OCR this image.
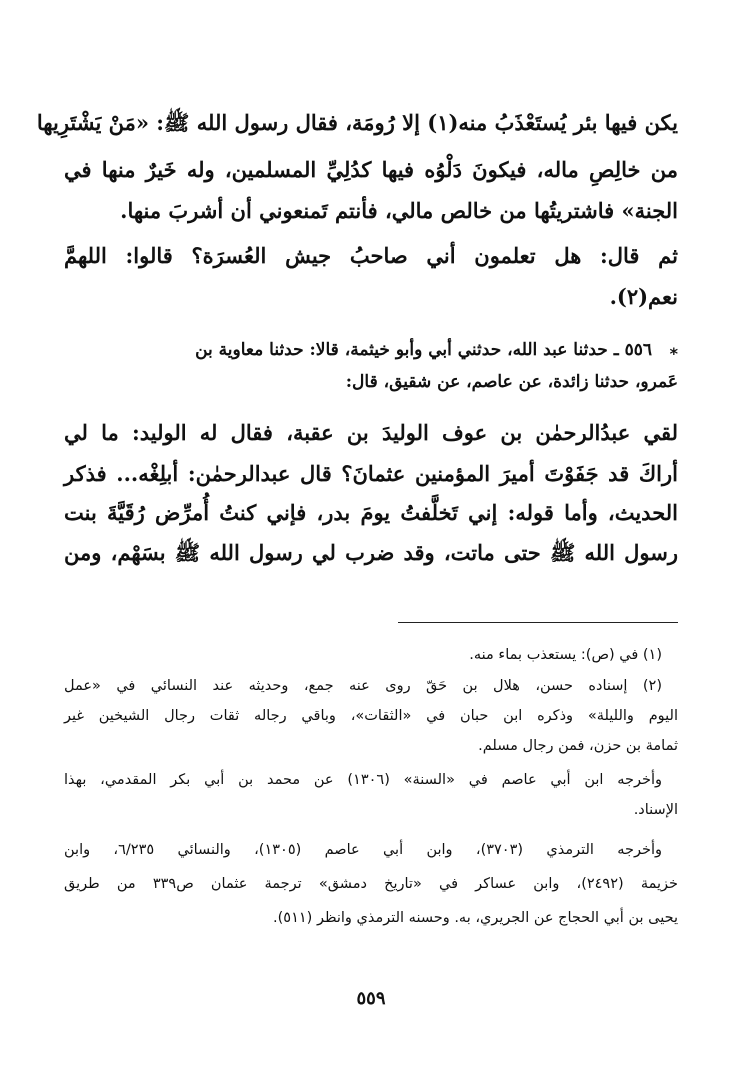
يكن فيها بئر يُستَعْذَبُ منه(١) إلا رُومَة، فقال رسول الله ﷺ: «مَنْ يَشْتَرِيها
من خالِصِ ماله، فيكونَ دَلْوُه فيها كدُلِيِّ المسلمين، وله خَيرٌ منها في
الجنة» فاشتريتُها من خالص مالي، فأنتم تَمنعوني أن أشربَ منها.
ثم قال: هل تعلمون أني صاحبُ جيش العُسرَة؟ قالوا: اللهمَّ
نعم(٢).
*
٥٥٦ ـ حدثنا عبد الله، حدثني أبي وأبو خيثمة، قالا: حدثنا معاوية بن
عَمرو، حدثنا زائدة، عن عاصم، عن شقيق، قال:
لقي عبدُالرحمٰن بن عوف الوليدَ بن عقبة، فقال له الوليد: ما لي
أراكَ قد جَفَوْتَ أميرَ المؤمنين عثمانَ؟ قال عبدالرحمٰن: أبلِغْه... فذكر
الحديث، وأما قوله: إني تَخلَّفتُ يومَ بدر، فإني كنتُ أُمرِّض رُقَيَّةَ بنت
رسول الله ﷺ حتى ماتت، وقد ضرب لي رسول الله ﷺ بسَهْم، ومن
(١) في (ص): يستعذب بماء منه.
(٢) إسناده حسن، هلال بن حَقّ روى عنه جمع، وحديثه عند النسائي في «عمل
اليوم والليلة» وذكره ابن حبان في «الثقات»، وباقي رجاله ثقات رجال الشيخين غير
ثمامة بن حزن، فمن رجال مسلم.
وأخرجه ابن أبي عاصم في «السنة» (١٣٠٦) عن محمد بن أبي بكر المقدمي، بهذا
الإسناد.
وأخرجه الترمذي (٣٧٠٣)، وابن أبي عاصم (١٣٠٥)، والنسائي ٦/٢٣٥، وابن
خزيمة (٢٤٩٢)، وابن عساكر في «تاريخ دمشق» ترجمة عثمان ص٣٣٩ من طريق
يحيى بن أبي الحجاج عن الجريري، به. وحسنه الترمذي وانظر (٥١١).
٥٥٩
